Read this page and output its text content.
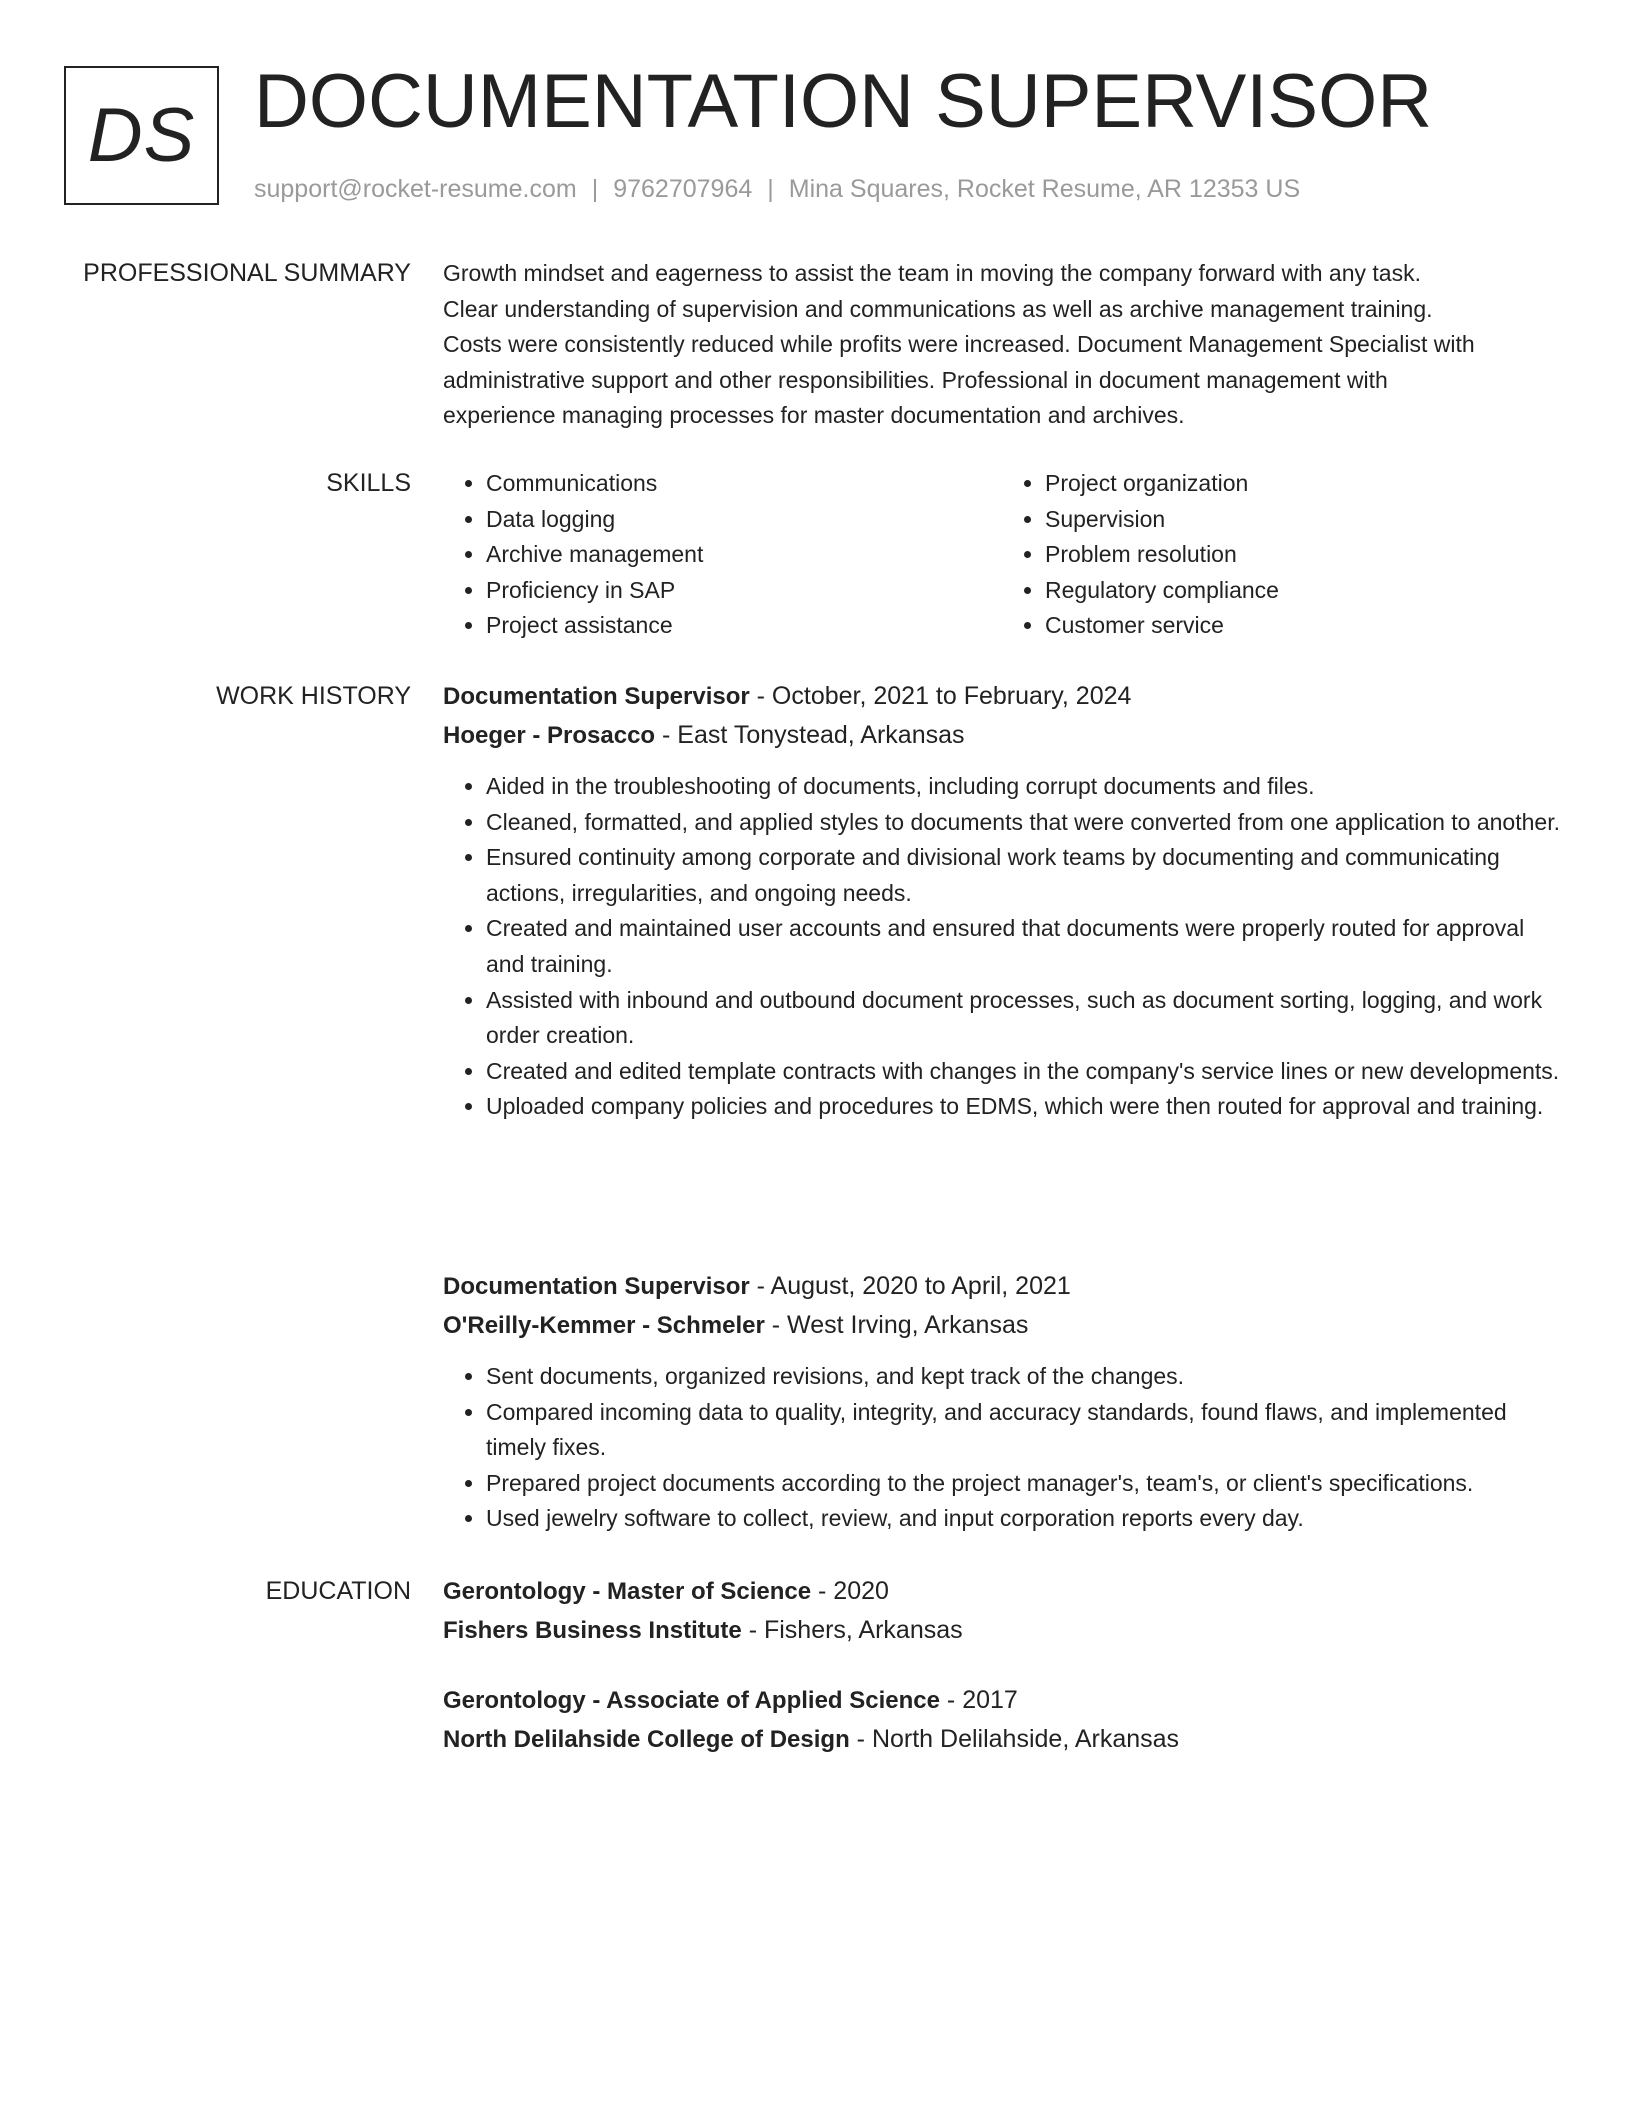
DS DOCUMENTATION SUPERVISOR
support@rocket-resume.com | 9762707964 | Mina Squares, Rocket Resume, AR 12353 US
PROFESSIONAL SUMMARY Growth mindset and eagerness to assist the team in moving the company forward with any task.
Clear understanding of supervision and communications as well as archive management training.
Costs were consistently reduced while profits were increased. Document Management Specialist with
administrative support and other responsibilities. Professional in document management with
experience managing processes for master documentation and archives.
SKILLS
•	Communications
• Data logging
• Archive management
• Proficiency in SAP
• Project assistance
• Project organization
• Supervision
• Problem resolution
• Regulatory compliance
• Customer service
WORK HISTORY Documentation Supervisor - October, 2021 to February, 2024
Hoeger - Prosacco - East Tonystead, Arkansas
• Aided in the troubleshooting of documents, including corrupt documents and files.
• Cleaned, formatted, and applied styles to documents that were converted from one application to another.
• Ensured continuity among corporate and divisional work teams by documenting and communicating actions, irregularities, and ongoing needs.
• Created and maintained user accounts and ensured that documents were properly routed for approval and training.
• Assisted with inbound and outbound document processes, such as document sorting, logging, and work order creation.
• Created and edited template contracts with changes in the company's service lines or new developments.
• Uploaded company policies and procedures to EDMS, which were then routed for approval and training.
Documentation Supervisor - August, 2020 to April, 2021
O'Reilly-Kemmer - Schmeler - West Irving, Arkansas
• Sent documents, organized revisions, and kept track of the changes.
• Compared incoming data to quality, integrity, and accuracy standards, found flaws, and implemented timely fixes.
• Prepared project documents according to the project manager's, team's, or client's specifications.
• Used jewelry software to collect, review, and input corporation reports every day.
EDUCATION Gerontology - Master of Science - 2020
Fishers Business Institute - Fishers, Arkansas
Gerontology - Associate of Applied Science - 2017
North Delilahside College of Design - North Delilahside, Arkansas
